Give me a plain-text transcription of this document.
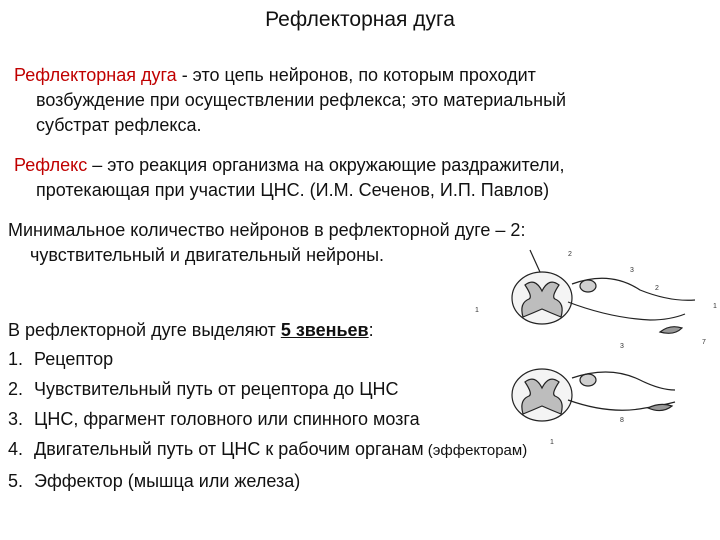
Рефлекторная дуга
Рефлекторная дуга - это цепь нейронов, по которым проходит
возбуждение при осуществлении рефлекса; это материальный
субстрат рефлекса.
Рефлекс – это реакция организма на окружающие раздражители,
протекающая при участии ЦНС. (И.М. Сеченов, И.П. Павлов)
Минимальное количество нейронов в рефлекторной дуге – 2:
чувствительный и двигательный нейроны.
В рефлекторной дуге выделяют 5 звеньев:
1. Рецептор
2. Чувствительный путь от рецептора до ЦНС
3. ЦНС, фрагмент головного или спинного мозга
4. Двигательный путь от ЦНС к рабочим органам (эффекторам)
5. Эффектор (мышца или железа)
2
3
2
1
1
7
3
8
1
